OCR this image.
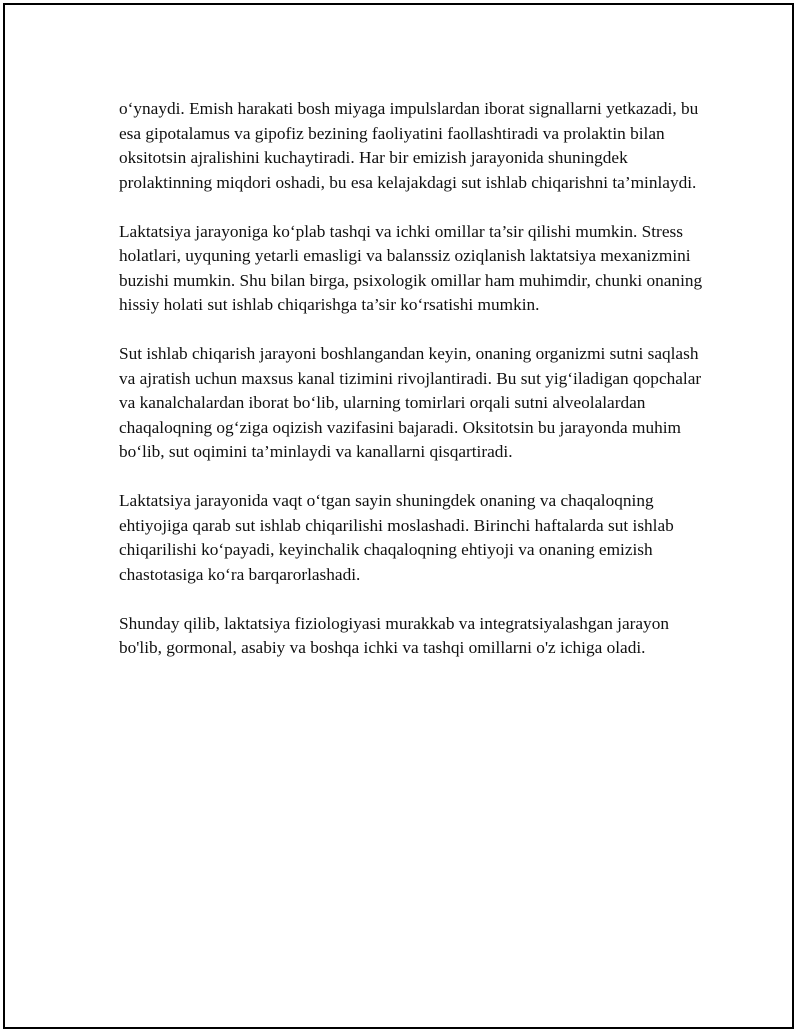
o‘ynaydi. Emish harakati bosh miyaga impulslardan iborat signallarni yetkazadi, bu esa gipotalamus va gipofiz bezining faoliyatini faollashtiradi va prolaktin bilan oksitotsin ajralishini kuchaytiradi. Har bir emizish jarayonida shuningdek prolaktinning miqdori oshadi, bu esa kelajakdagi sut ishlab chiqarishni ta’minlaydi.

Laktatsiya jarayoniga ko‘plab tashqi va ichki omillar ta’sir qilishi mumkin. Stress holatlari, uyquning yetarli emasligi va balanssiz oziqlanish laktatsiya mexanizmini buzishi mumkin. Shu bilan birga, psixologik omillar ham muhimdir, chunki onaning hissiy holati sut ishlab chiqarishga ta’sir ko‘rsatishi mumkin.

Sut ishlab chiqarish jarayoni boshlangandan keyin, onaning organizmi sutni saqlash va ajratish uchun maxsus kanal tizimini rivojlantiradi. Bu sut yig‘iladigan qopchalar va kanalchalardan iborat bo‘lib, ularning tomirlari orqali sutni alveolalardan chaqaloqning og‘ziga oqizish vazifasini bajaradi. Oksitotsin bu jarayonda muhim bo‘lib, sut oqimini ta’minlaydi va kanallarni qisqartiradi.

Laktatsiya jarayonida vaqt o‘tgan sayin shuningdek onaning va chaqaloqning ehtiyojiga qarab sut ishlab chiqarilishi moslashadi. Birinchi haftalarda sut ishlab chiqarilishi ko‘payadi, keyinchalik chaqaloqning ehtiyoji va onaning emizish chastotasiga ko‘ra barqarorlashadi.

Shunday qilib, laktatsiya fiziologiyasi murakkab va integratsiyalashgan jarayon bo'lib, gormonal, asabiy va boshqa ichki va tashqi omillarni o'z ichiga oladi.
